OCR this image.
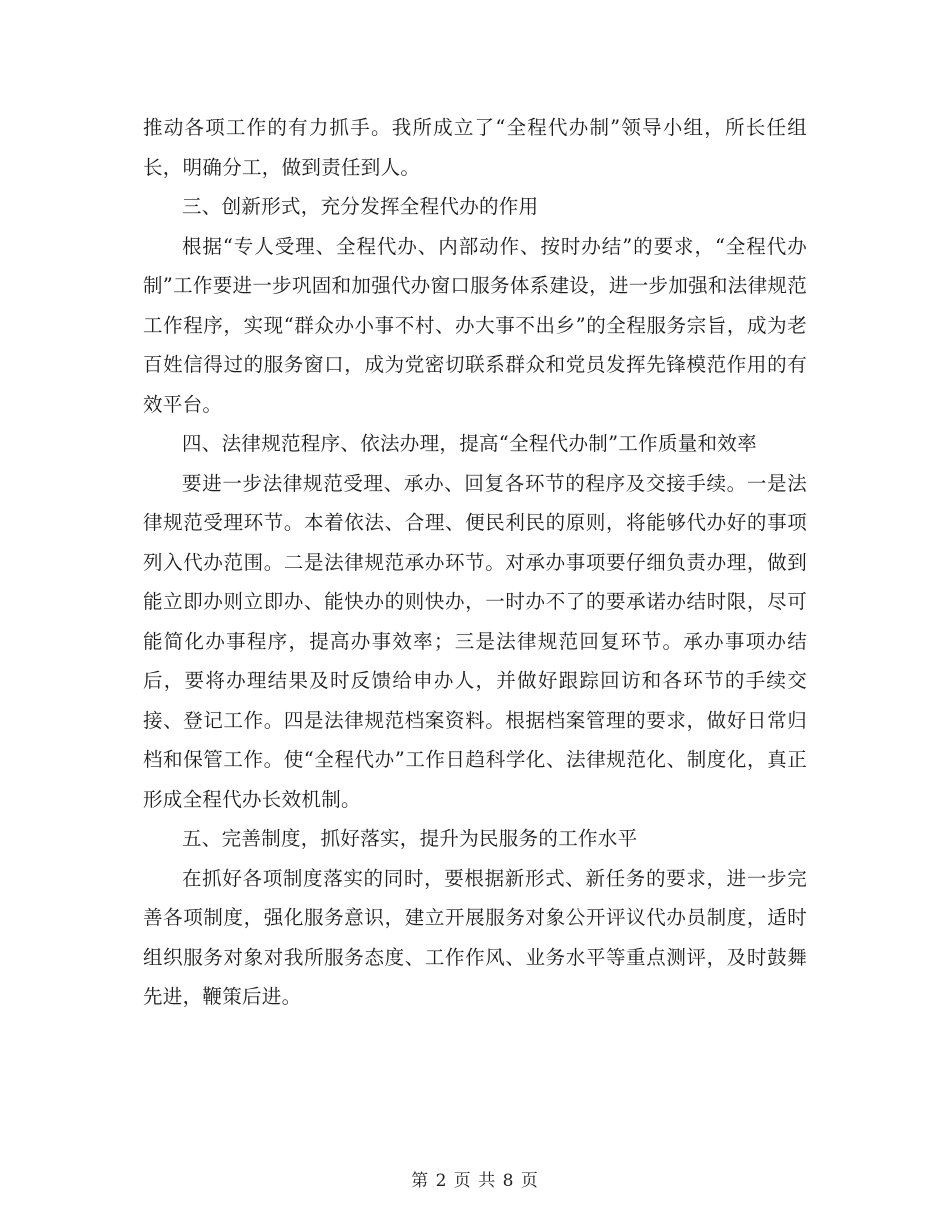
推动各项工作的有力抓手。我所成立了“全程代办制”领导小组，所长任组长，明确分工，做到责任到人。

三、创新形式，充分发挥全程代办的作用

根据“专人受理、全程代办、内部动作、按时办结”的要求，“全程代办制”工作要进一步巩固和加强代办窗口服务体系建设，进一步加强和法律规范工作程序，实现“群众办小事不村、办大事不出乡”的全程服务宗旨，成为老百姓信得过的服务窗口，成为党密切联系群众和党员发挥先锋模范作用的有效平台。

四、法律规范程序、依法办理，提高“全程代办制”工作质量和效率

要进一步法律规范受理、承办、回复各环节的程序及交接手续。一是法律规范受理环节。本着依法、合理、便民利民的原则，将能够代办好的事项列入代办范围。二是法律规范承办环节。对承办事项要仔细负责办理，做到能立即办则立即办、能快办的则快办，一时办不了的要承诺办结时限，尽可能简化办事程序，提高办事效率；三是法律规范回复环节。承办事项办结后，要将办理结果及时反馈给申办人，并做好跟踪回访和各环节的手续交接、登记工作。四是法律规范档案资料。根据档案管理的要求，做好日常归档和保管工作。使“全程代办”工作日趋科学化、法律规范化、制度化，真正形成全程代办长效机制。

五、完善制度，抓好落实，提升为民服务的工作水平

在抓好各项制度落实的同时，要根据新形式、新任务的要求，进一步完善各项制度，强化服务意识，建立开展服务对象公开评议代办员制度，适时组织服务对象对我所服务态度、工作作风、业务水平等重点测评，及时鼓舞先进，鞭策后进。

第 2 页 共 8 页
